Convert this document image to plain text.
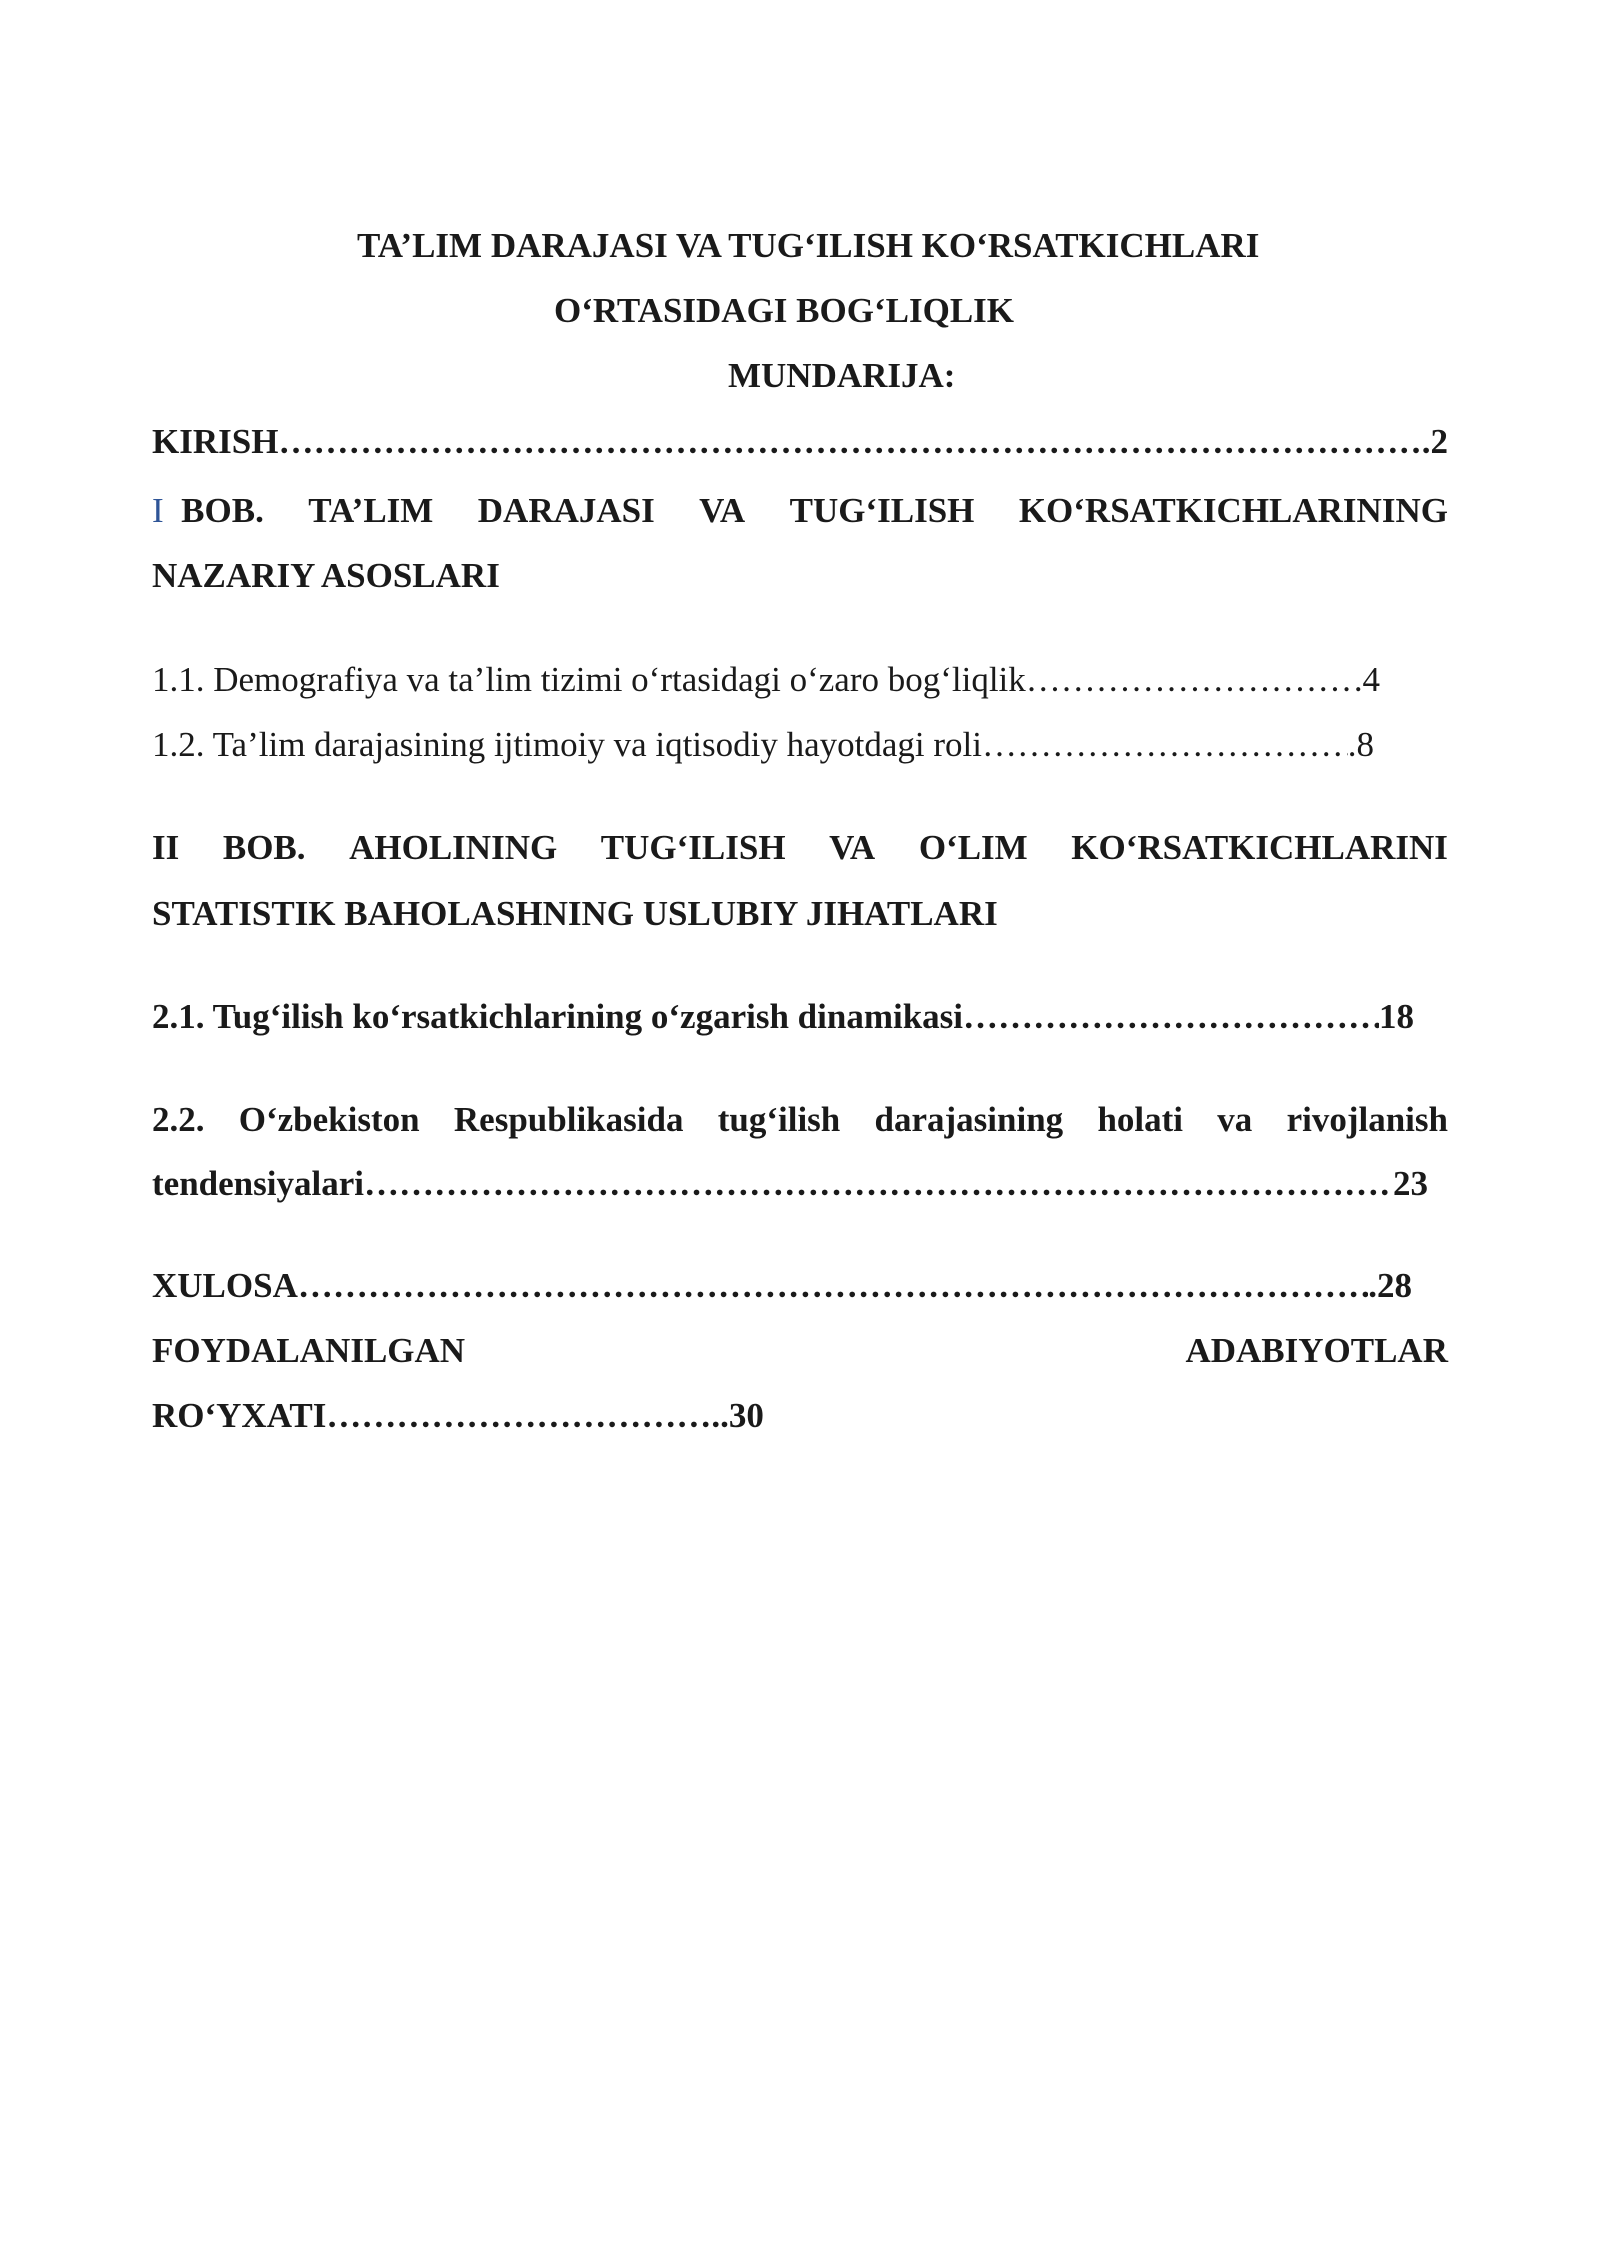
TA’LIM DARAJASI VA TUG‘ILISH KO‘RSATKICHLARI
O‘RTASIDAGI BOG‘LIQLIK
MUNDARIJA:
KIRISH …………………………………………………………………………………………………………………………………………………………………………………	.2
I BOB. TA’LIM DARAJASI VA TUG‘ILISH KO‘RSATKICHLARINING
NAZARIY ASOSLARI
1.1. Demografiya va ta’lim tizimi o‘rtasidagi o‘zaro bog‘liqlik …………………………………………………………………………………………………………………………………………………………………………………	4
1.2. Ta’lim darajasining ijtimoiy va iqtisodiy hayotdagi roli …………………………………………………………………………………………………………………………………………………………………………………	.8
II BOB. AHOLINING TUG‘ILISH VA O‘LIM KO‘RSATKICHLARINI
STATISTIK BAHOLASHNING USLUBIY JIHATLARI
2.1. Tug‘ilish ko‘rsatkichlarining o‘zgarish dinamikasi …………………………………………………………………………………………………………………………………………………………………………………	18
2.2. O‘zbekiston Respublikasida tug‘ilish darajasining holati va rivojlanish
tendensiyalari …………………………………………………………………………………………………………………………………………………………………………………	23
XULOSA …………………………………………………………………………………………………………………………………………………………………………………	.28
FOYDALANILGAN	ADABIYOTLAR
RO‘YXATI……………………………..30
